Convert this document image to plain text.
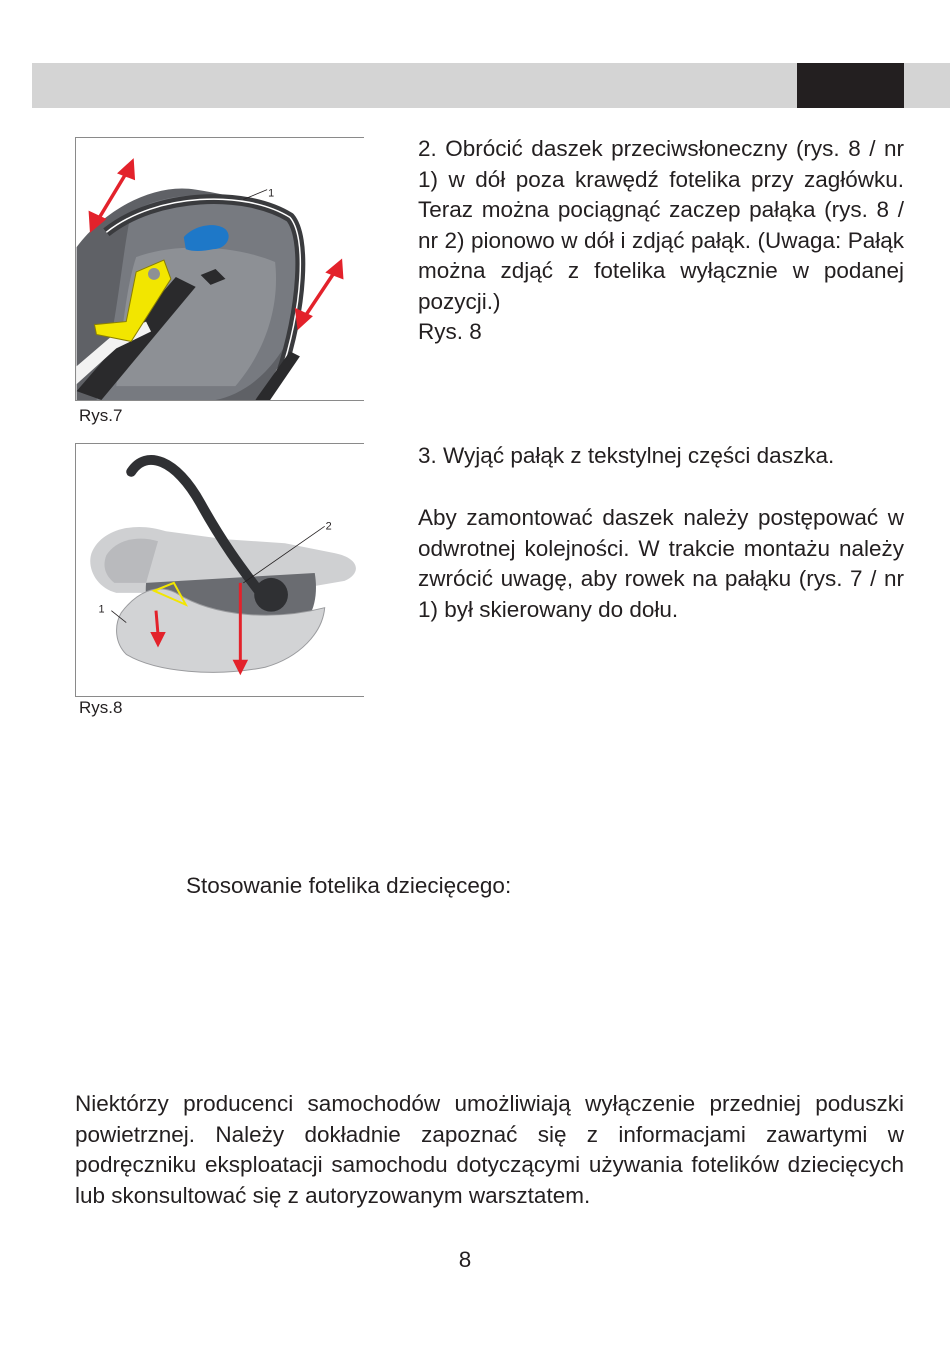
1
Rys.7
2
1
Rys.8

2. Obrócić daszek przeciwsłoneczny (rys. 8 / nr 1) w dół poza krawędź fotelika przy zagłówku. Teraz można pociągnąć zaczep pałąka (rys. 8 / nr 2) pionowo w dół i zdjąć pałąk. (Uwaga: Pałąk można zdjąć z fotelika wyłącznie w podanej pozycji.)
Rys. 8

3. Wyjąć pałąk z tekstylnej części daszka.

Aby zamontować daszek należy postępować w odwrotnej kolejności. W trakcie montażu należy zwrócić uwagę, aby rowek na pałąku (rys. 7 / nr 1) był skierowany do dołu.

Stosowanie fotelika dziecięcego:

Niektórzy producenci samochodów umożliwiają wyłączenie przedniej poduszki powietrznej. Należy dokładnie zapoznać się z informacjami zawartymi w podręczniku eksploatacji samochodu dotyczącymi używania fotelików dziecięcych lub skonsultować się z autoryzowanym warsztatem.

8
